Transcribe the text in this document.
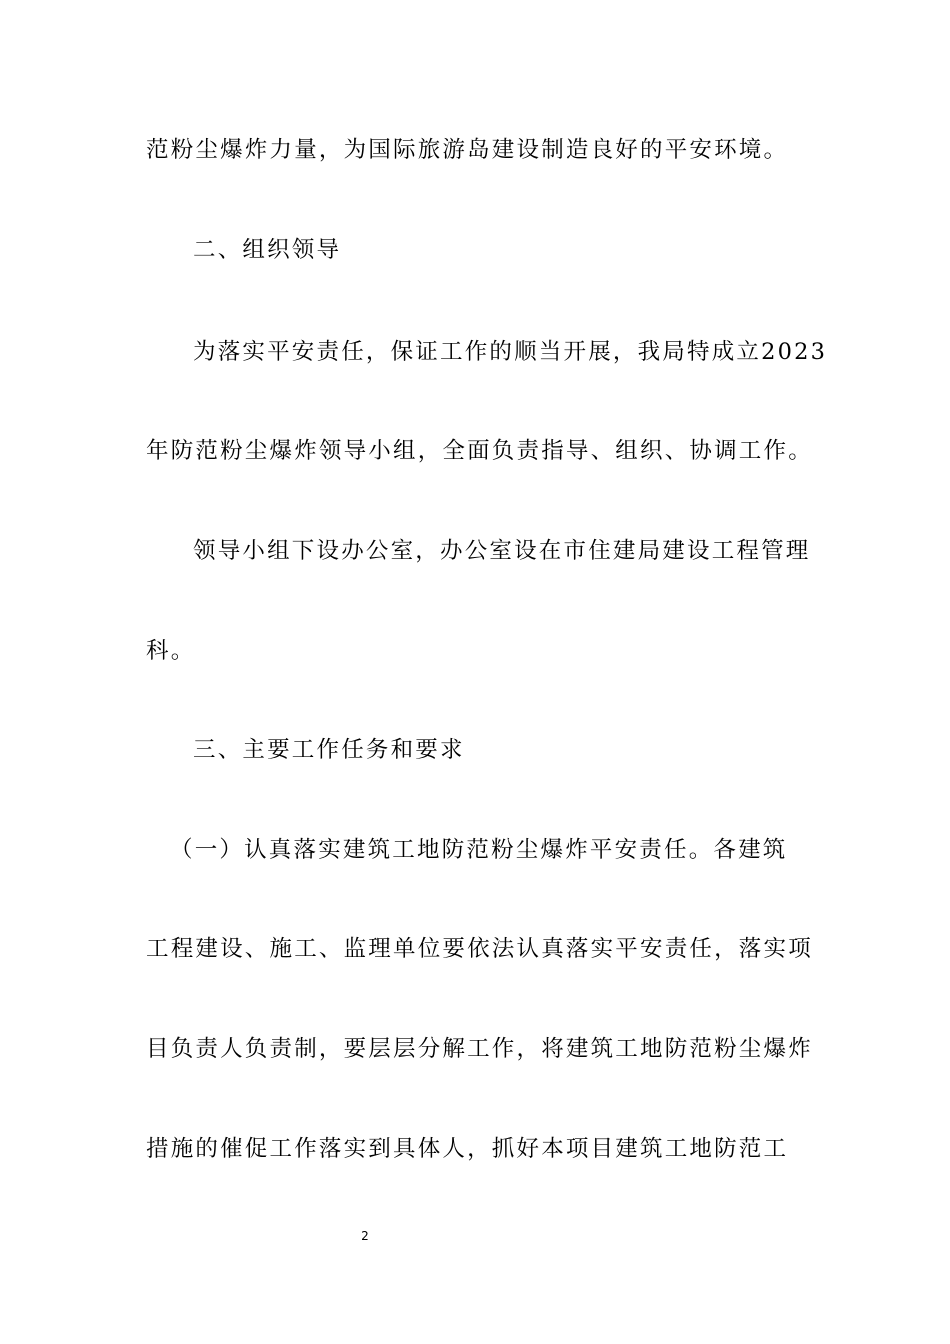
范粉尘爆炸力量，为国际旅游岛建设制造良好的平安环境。
二、组织领导
为落实平安责任，保证工作的顺当开展，我局特成立2023
年防范粉尘爆炸领导小组，全面负责指导、组织、协调工作。
领导小组下设办公室，办公室设在市住建局建设工程管理
科。
三、主要工作任务和要求
（一）认真落实建筑工地防范粉尘爆炸平安责任。各建筑
工程建设、施工、监理单位要依法认真落实平安责任，落实项
目负责人负责制，要层层分解工作，将建筑工地防范粉尘爆炸
措施的催促工作落实到具体人，抓好本项目建筑工地防范工
2
